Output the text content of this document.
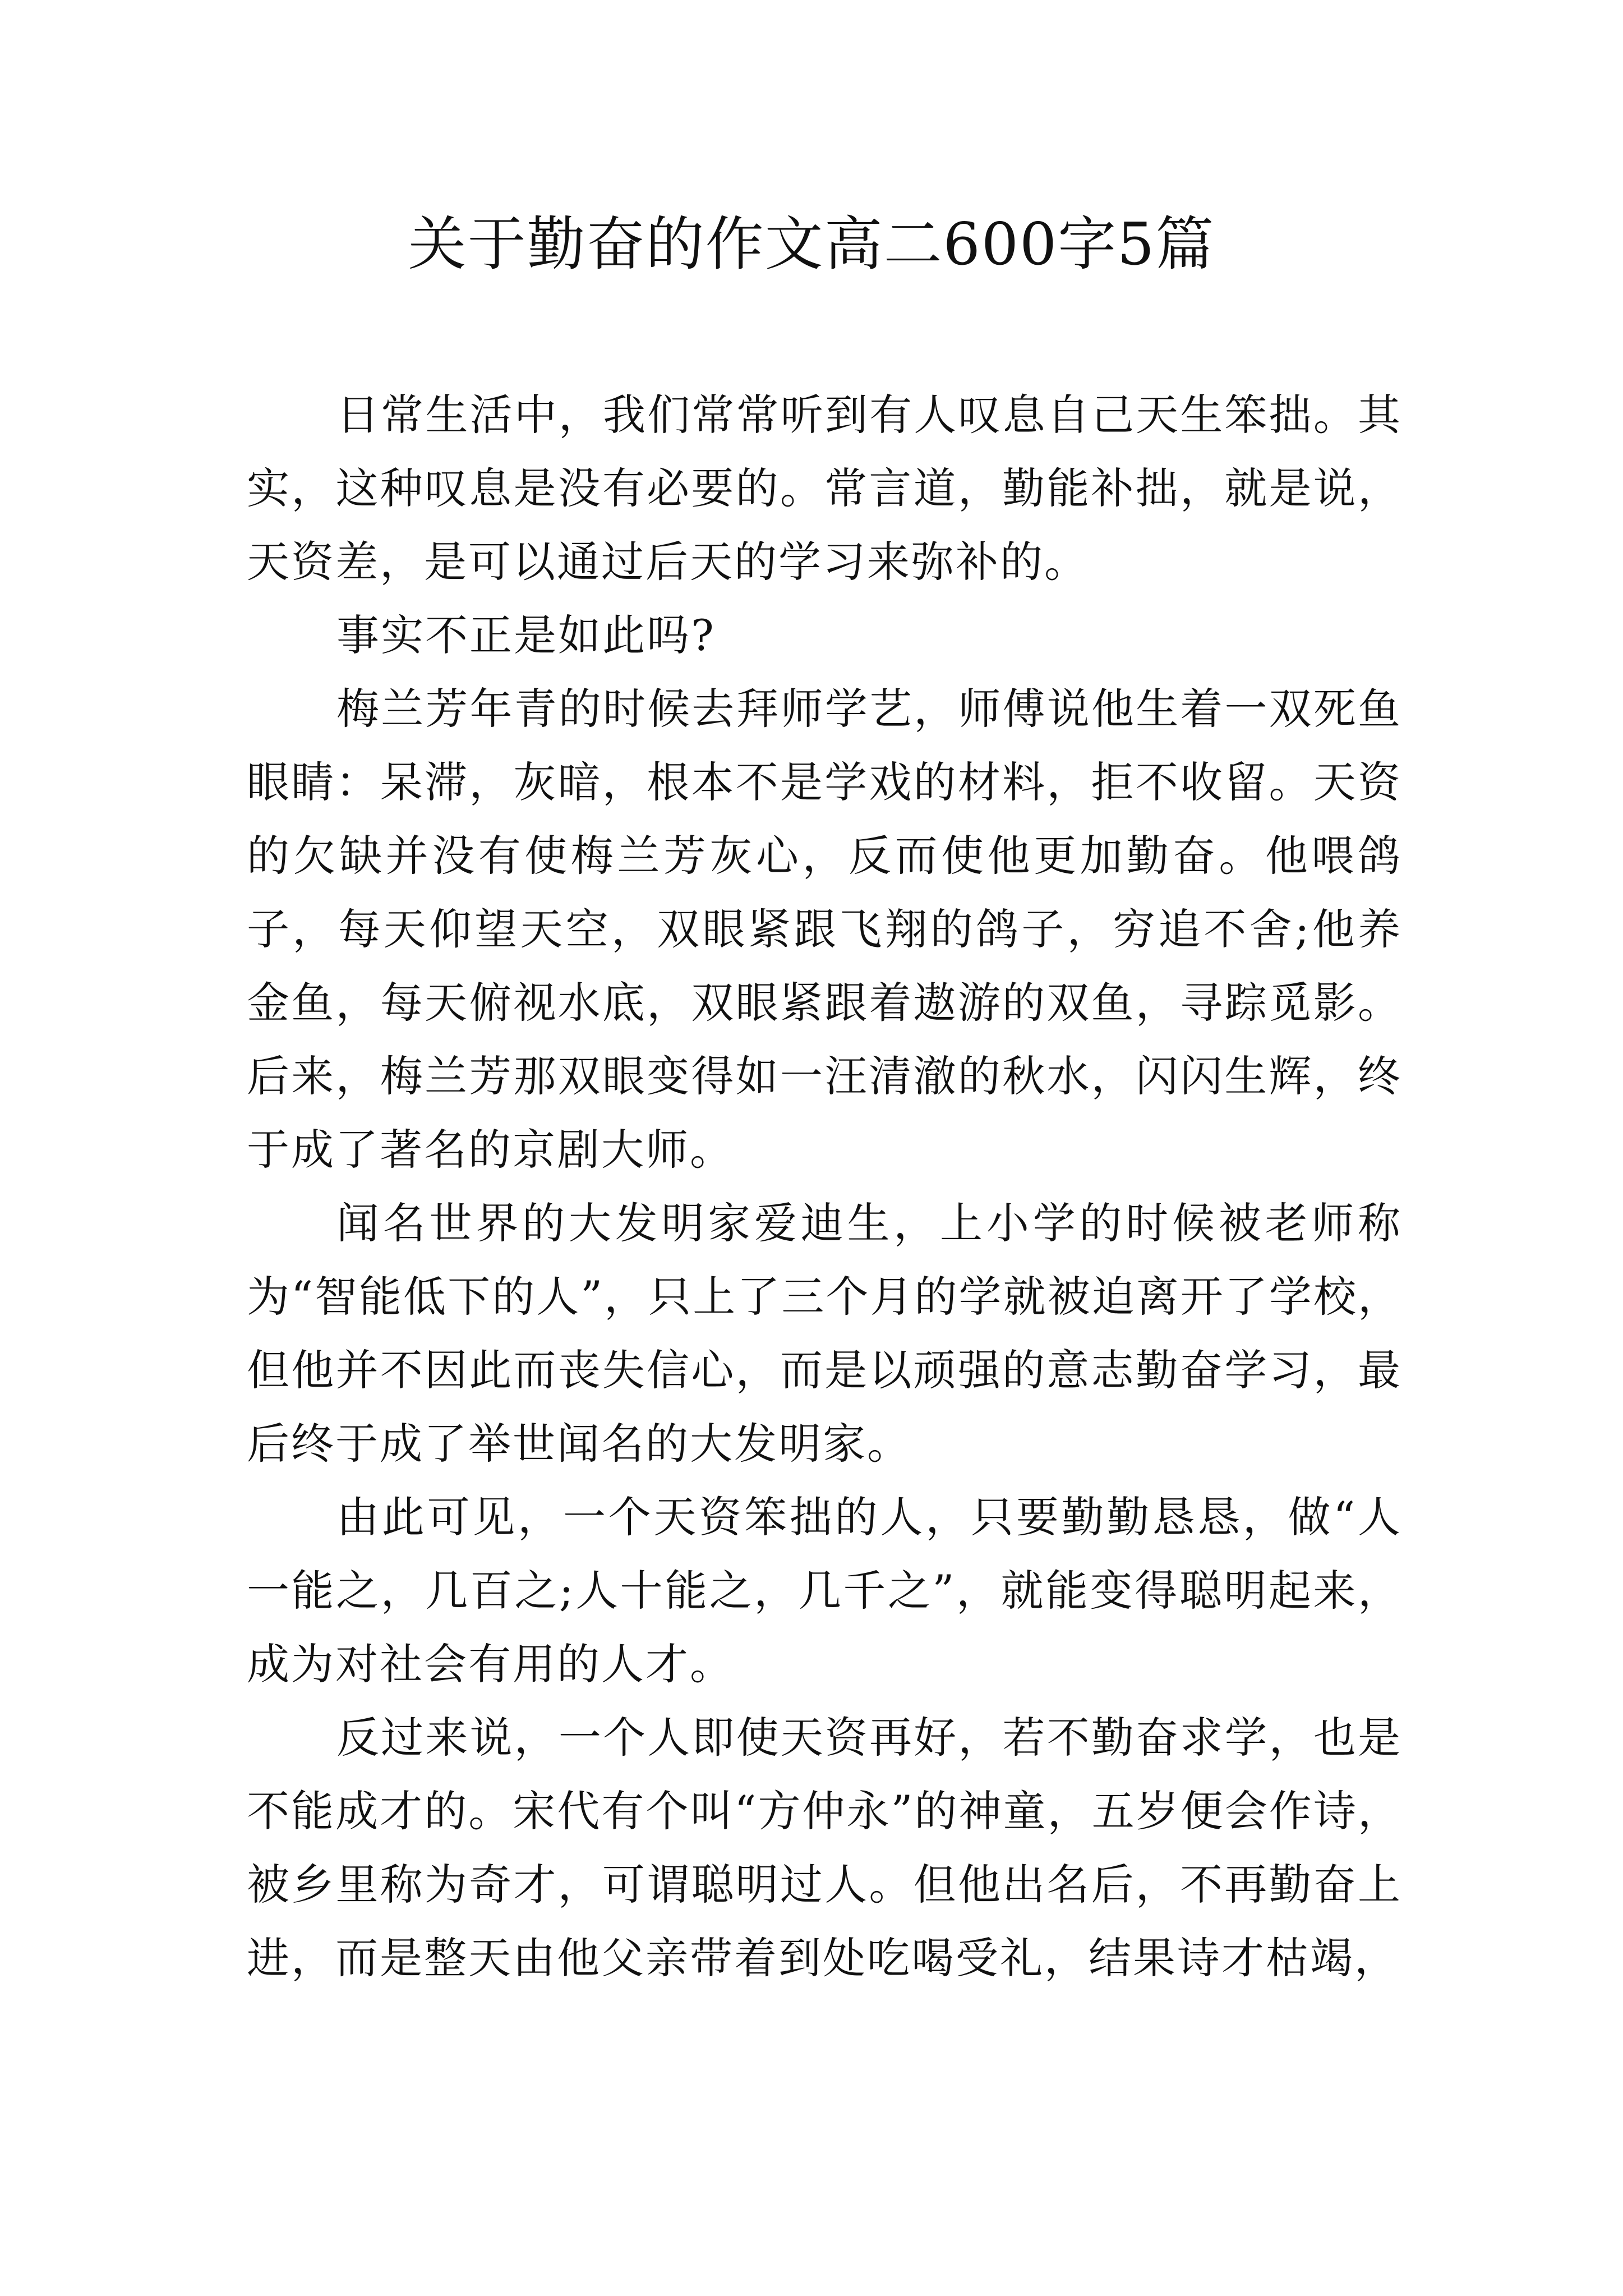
关于勤奋的作文高二600字5篇

日常生活中，我们常常听到有人叹息自己天生笨拙。其实，这种叹息是没有必要的。常言道，勤能补拙，就是说，天资差，是可以通过后天的学习来弥补的。

事实不正是如此吗?

梅兰芳年青的时候去拜师学艺，师傅说他生着一双死鱼眼睛：呆滞，灰暗，根本不是学戏的材料，拒不收留。天资的欠缺并没有使梅兰芳灰心，反而使他更加勤奋。他喂鸽子，每天仰望天空，双眼紧跟飞翔的鸽子，穷追不舍;他养金鱼，每天俯视水底，双眼紧跟着遨游的双鱼，寻踪觅影。后来，梅兰芳那双眼变得如一汪清澈的秋水，闪闪生辉，终于成了著名的京剧大师。

闻名世界的大发明家爱迪生，上小学的时候被老师称为“智能低下的人”，只上了三个月的学就被迫离开了学校，但他并不因此而丧失信心，而是以顽强的意志勤奋学习，最后终于成了举世闻名的大发明家。

由此可见，一个天资笨拙的人，只要勤勤恳恳，做“人一能之，几百之;人十能之，几千之”，就能变得聪明起来，成为对社会有用的人才。

反过来说，一个人即使天资再好，若不勤奋求学，也是不能成才的。宋代有个叫“方仲永”的神童，五岁便会作诗，被乡里称为奇才，可谓聪明过人。但他出名后，不再勤奋上进，而是整天由他父亲带着到处吃喝受礼，结果诗才枯竭，
